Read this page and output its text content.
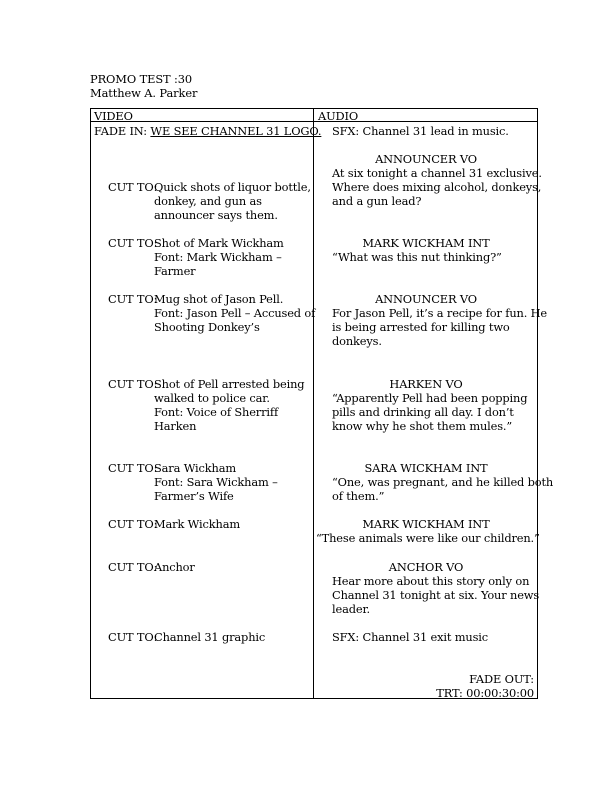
PROMO TEST :30
Matthew A. Parker
VIDEO	AUDIO
FADE IN: WE SEE CHANNEL 31 LOGO.
CUT TO:
Quick shots of liquor bottle,
donkey, and gun as
announcer says them.
CUT TO:
Shot of Mark Wickham
Font: Mark Wickham –
Farmer
CUT TO:
Mug shot of Jason Pell.
Font: Jason Pell – Accused of
Shooting Donkey’s
CUT TO:
Shot of Pell arrested being
walked to police car.
Font: Voice of Sherriff
Harken
CUT TO:
Sara Wickham
Font: Sara Wickham –
Farmer’s Wife
CUT TO:
Mark Wickham
CUT TO:
Anchor
CUT TO:
Channel 31 graphic
SFX: Channel 31 lead in music.
ANNOUNCER VO
At six tonight a channel 31 exclusive.
Where does mixing alcohol, donkeys,
and a gun lead?
MARK WICKHAM INT
“What was this nut thinking?”
ANNOUNCER VO
For Jason Pell, it’s a recipe for fun. He
is being arrested for killing two
donkeys.
HARKEN VO
“Apparently Pell had been popping
pills and drinking all day. I don’t
know why he shot them mules.”
SARA WICKHAM INT
“One, was pregnant, and he killed both
of them.”
MARK WICKHAM INT
“These animals were like our children.”
ANCHOR VO
Hear more about this story only on
Channel 31 tonight at six. Your news
leader.
SFX: Channel 31 exit music
FADE OUT:
TRT: 00:00:30:00
